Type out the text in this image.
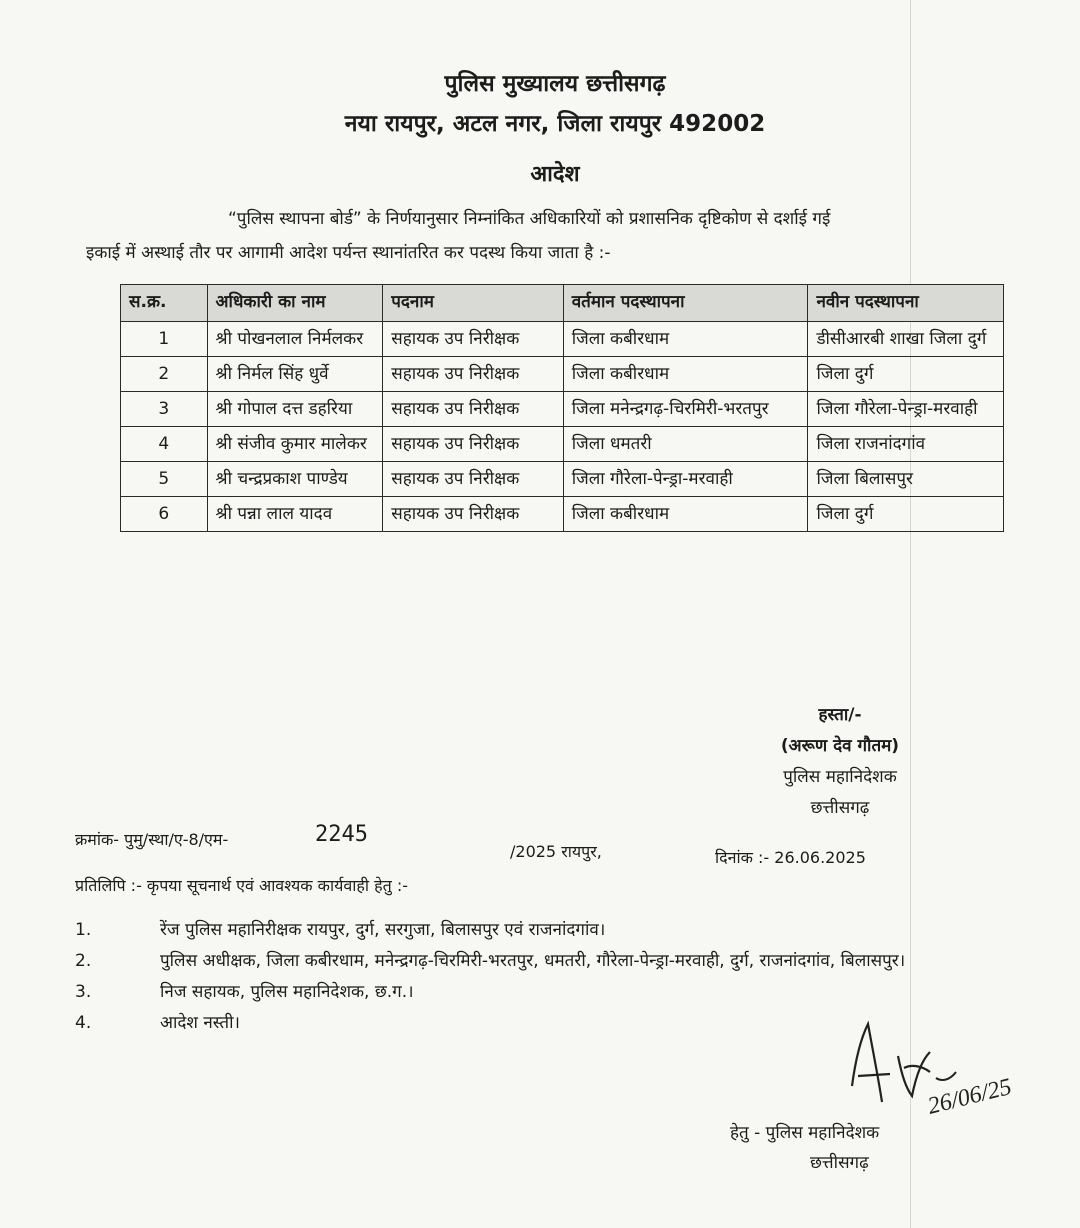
पुलिस मुख्यालय छत्तीसगढ़
नया रायपुर, अटल नगर, जिला रायपुर 492002
आदेश
“पुलिस स्थापना बोर्ड” के निर्णयानुसार निम्नांकित अधिकारियों को प्रशासनिक दृष्टिकोण से दर्शाई गई
इकाई में अस्थाई तौर पर आगामी आदेश पर्यन्त स्थानांतरित कर पदस्थ किया जाता है :-
स.क्र.	अधिकारी का नाम	पदनाम	वर्तमान पदस्थापना	नवीन पदस्थापना
1	श्री पोखनलाल निर्मलकर	सहायक उप निरीक्षक	जिला कबीरधाम	डीसीआरबी शाखा जिला दुर्ग
2	श्री निर्मल सिंह धुर्वे	सहायक उप निरीक्षक	जिला कबीरधाम	जिला दुर्ग
3	श्री गोपाल दत्त डहरिया	सहायक उप निरीक्षक	जिला मनेन्द्रगढ़-चिरमिरी-भरतपुर	जिला गौरेला-पेन्ड्रा-मरवाही
4	श्री संजीव कुमार मालेकर	सहायक उप निरीक्षक	जिला धमतरी	जिला राजनांदगांव
5	श्री चन्द्रप्रकाश पाण्डेय	सहायक उप निरीक्षक	जिला गौरेला-पेन्ड्रा-मरवाही	जिला बिलासपुर
6	श्री पन्ना लाल यादव	सहायक उप निरीक्षक	जिला कबीरधाम	जिला दुर्ग
हस्ता/-
(अरूण देव गौतम)
पुलिस महानिदेशक
छत्तीसगढ़
क्रमांक- पुमु/स्था/ए-8/एम-	2245
/2025 रायपुर,	दिनांक :- 26.06.2025
प्रतिलिपि :- कृपया सूचनार्थ एवं आवश्यक कार्यवाही हेतु :-
1.	रेंज पुलिस महानिरीक्षक रायपुर, दुर्ग, सरगुजा, बिलासपुर एवं राजनांदगांव।
2.	पुलिस अधीक्षक, जिला कबीरधाम, मनेन्द्रगढ़-चिरमिरी-भरतपुर, धमतरी, गौरेला-पेन्ड्रा-मरवाही, दुर्ग, राजनांदगांव, बिलासपुर।
3.	निज सहायक, पुलिस महानिदेशक, छ.ग.।
4.	आदेश नस्ती।
26/06/25
हेतु - पुलिस महानिदेशक
छत्तीसगढ़
